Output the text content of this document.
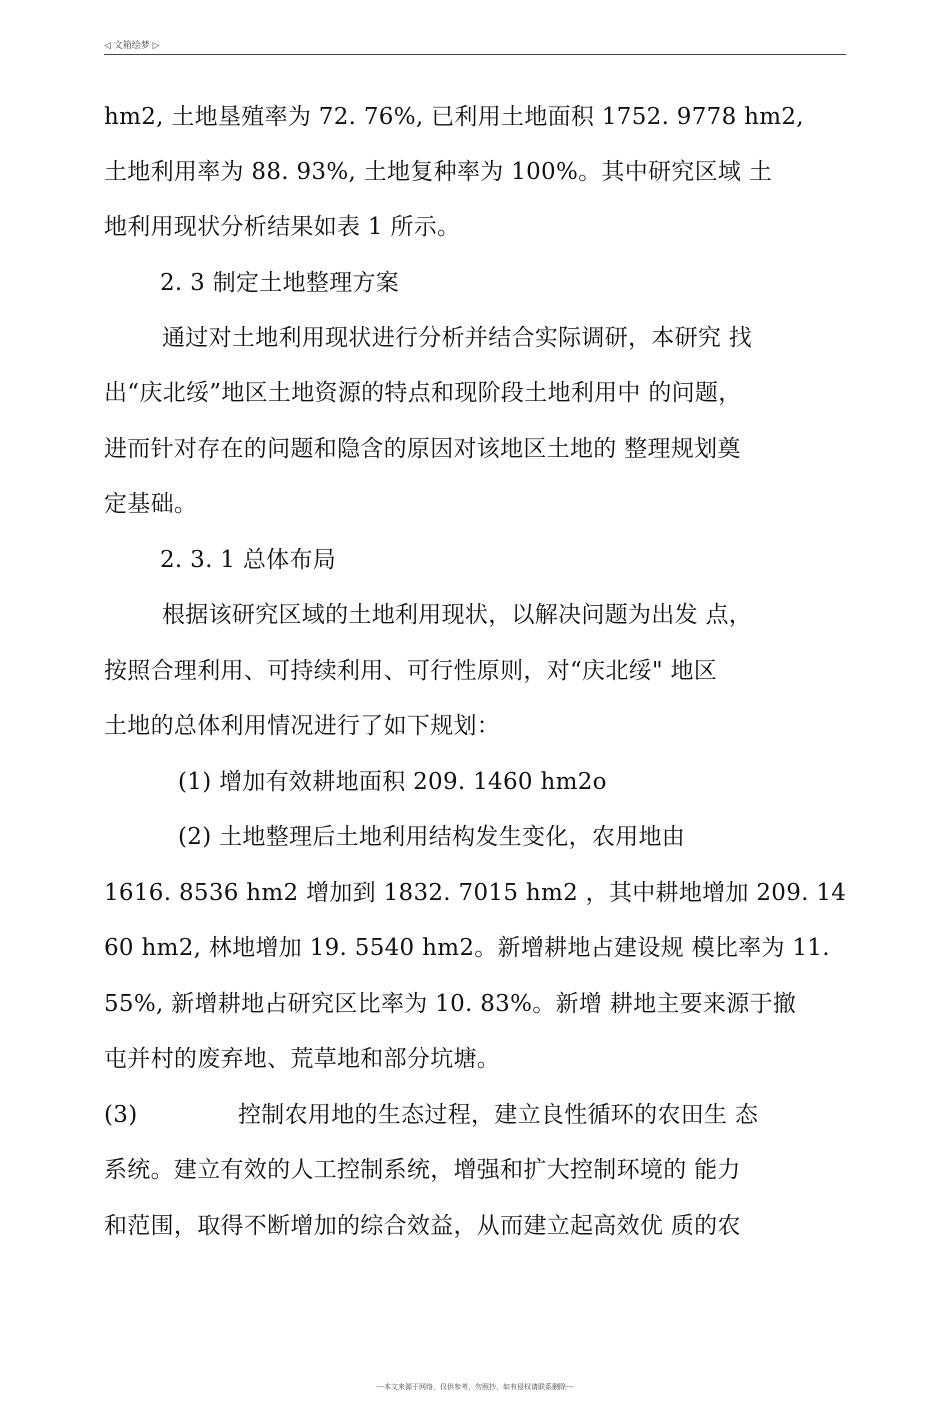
◁ 文箱绘梦 ▷
hm2, 土地垦殖率为 72. 76%, 已利用土地面积 1752. 9778 hm2,
土地利用率为 88. 93%, 土地复种率为 100%。其中研究区域 土
地利用现状分析结果如表 1 所示。
2. 3 制定土地整理方案
通过对土地利用现状进行分析并结合实际调研，本研究 找
出“庆北绥”地区土地资源的特点和现阶段土地利用中 的问题，
进而针对存在的问题和隐含的原因对该地区土地的 整理规划奠
定基础。
2. 3. 1 总体布局
根据该研究区域的土地利用现状，以解决问题为出发 点，
按照合理利用、可持续利用、可行性原则，对“庆北绥" 地区
土地的总体利用情况进行了如下规划：
(1) 增加有效耕地面积 209. 1460 hm2o
(2) 土地整理后土地利用结构发生变化，农用地由
1616. 8536 hm2 增加到 1832. 7015 hm2 ，其中耕地增加 209. 14
60 hm2, 林地增加 19. 5540 hm2。新增耕地占建设规 模比率为 11.
55%, 新增耕地占研究区比率为 10. 83%。新增 耕地主要来源于撤
屯并村的废弃地、荒草地和部分坑塘。
(3)	控制农用地的生态过程，建立良性循环的农田生 态
系统。建立有效的人工控制系统，增强和扩大控制环境的 能力
和范围，取得不断增加的综合效益，从而建立起高效优 质的农
---本文来源于网络，仅供参考，勿照抄，如有侵权请联系删除---
